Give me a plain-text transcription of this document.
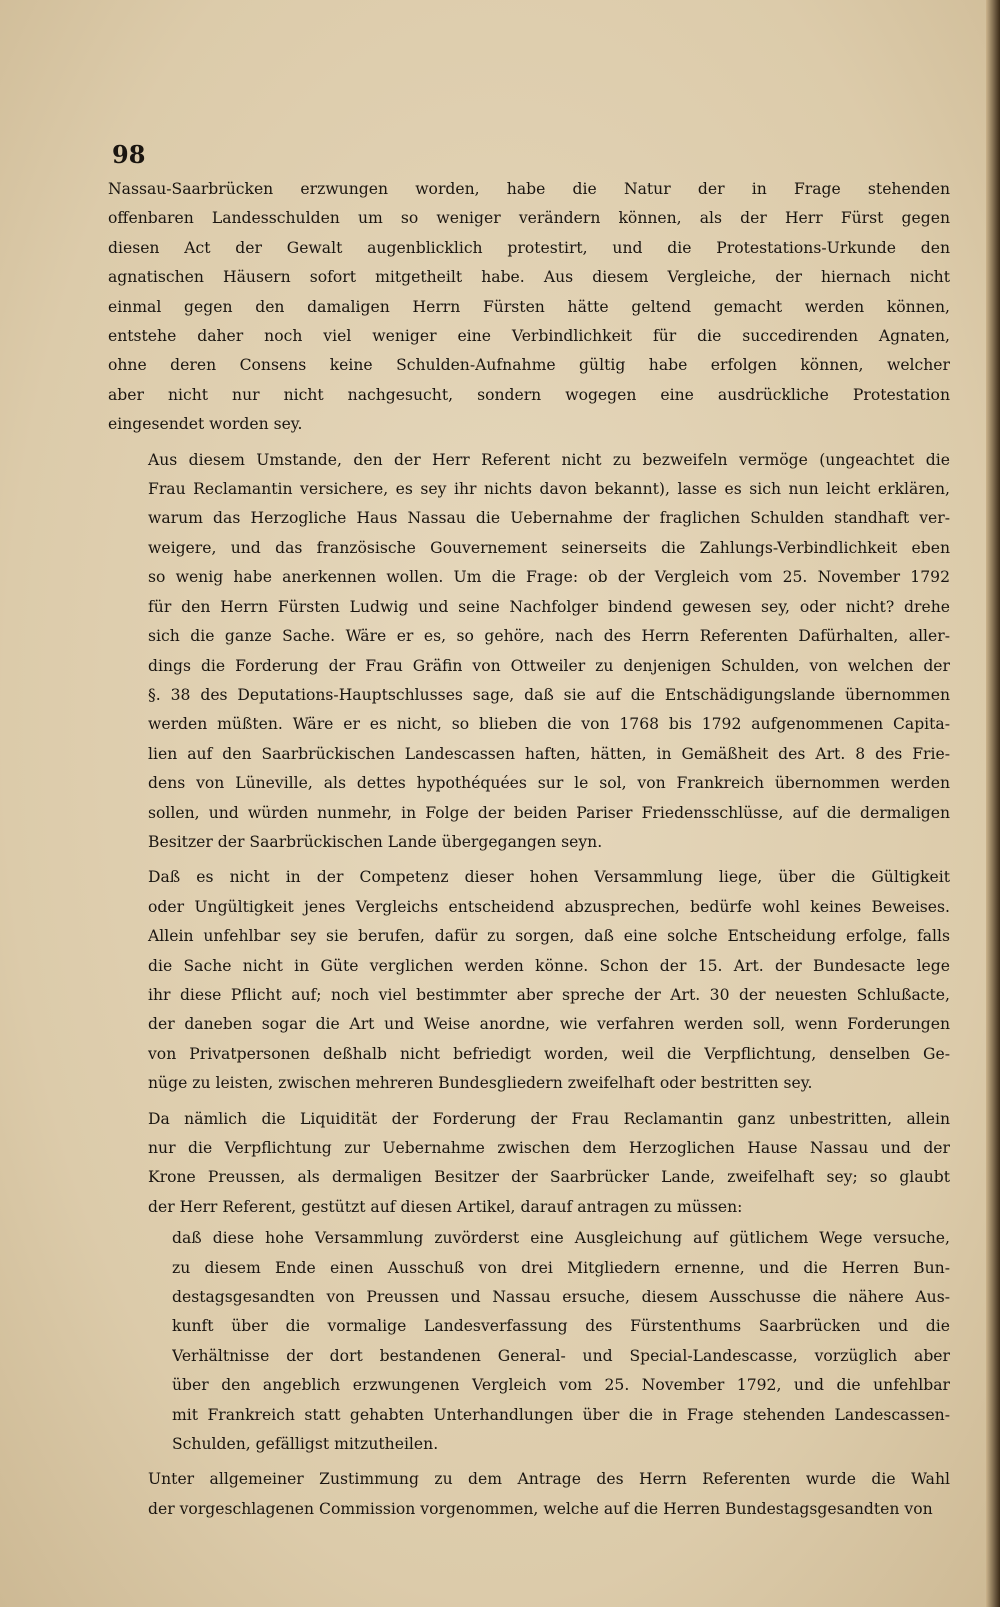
98

Nassau-Saarbrücken erzwungen worden, habe die Natur der in Frage stehenden
offenbaren Landesschulden um so weniger verändern können, als der Herr Fürst gegen
diesen Act der Gewalt augenblicklich protestirt, und die Protestations-Urkunde den
agnatischen Häusern sofort mitgetheilt habe. Aus diesem Vergleiche, der hiernach nicht
einmal gegen den damaligen Herrn Fürsten hätte geltend gemacht werden können,
entstehe daher noch viel weniger eine Verbindlichkeit für die succedirenden Agnaten,
ohne deren Consens keine Schulden-Aufnahme gültig habe erfolgen können, welcher
aber nicht nur nicht nachgesucht, sondern wogegen eine ausdrückliche Protestation
eingesendet worden sey.

Aus diesem Umstande, den der Herr Referent nicht zu bezweifeln vermöge (ungeachtet die
Frau Reclamantin versichere, es sey ihr nichts davon bekannt), lasse es sich nun leicht erklären,
warum das Herzogliche Haus Nassau die Uebernahme der fraglichen Schulden standhaft ver-
weigere, und das französische Gouvernement seinerseits die Zahlungs-Verbindlichkeit eben
so wenig habe anerkennen wollen. Um die Frage: ob der Vergleich vom 25. November 1792
für den Herrn Fürsten Ludwig und seine Nachfolger bindend gewesen sey, oder nicht? drehe
sich die ganze Sache. Wäre er es, so gehöre, nach des Herrn Referenten Dafürhalten, aller-
dings die Forderung der Frau Gräfin von Ottweiler zu denjenigen Schulden, von welchen der
§. 38 des Deputations-Hauptschlusses sage, daß sie auf die Entschädigungslande übernommen
werden müßten. Wäre er es nicht, so blieben die von 1768 bis 1792 aufgenommenen Capita-
lien auf den Saarbrückischen Landescassen haften, hätten, in Gemäßheit des Art. 8 des Frie-
dens von Lüneville, als dettes hypothéquées sur le sol, von Frankreich übernommen werden
sollen, und würden nunmehr, in Folge der beiden Pariser Friedensschlüsse, auf die dermaligen
Besitzer der Saarbrückischen Lande übergegangen seyn.

Daß es nicht in der Competenz dieser hohen Versammlung liege, über die Gültigkeit
oder Ungültigkeit jenes Vergleichs entscheidend abzusprechen, bedürfe wohl keines Beweises.
Allein unfehlbar sey sie berufen, dafür zu sorgen, daß eine solche Entscheidung erfolge, falls
die Sache nicht in Güte verglichen werden könne. Schon der 15. Art. der Bundesacte lege
ihr diese Pflicht auf; noch viel bestimmter aber spreche der Art. 30 der neuesten Schlußacte,
der daneben sogar die Art und Weise anordne, wie verfahren werden soll, wenn Forderungen
von Privatpersonen deßhalb nicht befriedigt worden, weil die Verpflichtung, denselben Ge-
nüge zu leisten, zwischen mehreren Bundesgliedern zweifelhaft oder bestritten sey.

Da nämlich die Liquidität der Forderung der Frau Reclamantin ganz unbestritten, allein
nur die Verpflichtung zur Uebernahme zwischen dem Herzoglichen Hause Nassau und der
Krone Preussen, als dermaligen Besitzer der Saarbrücker Lande, zweifelhaft sey; so glaubt
der Herr Referent, gestützt auf diesen Artikel, darauf antragen zu müssen:

daß diese hohe Versammlung zuvörderst eine Ausgleichung auf gütlichem Wege versuche,
zu diesem Ende einen Ausschuß von drei Mitgliedern ernenne, und die Herren Bun-
destagsgesandten von Preussen und Nassau ersuche, diesem Ausschusse die nähere Aus-
kunft über die vormalige Landesverfassung des Fürstenthums Saarbrücken und die
Verhältnisse der dort bestandenen General- und Special-Landescasse, vorzüglich aber
über den angeblich erzwungenen Vergleich vom 25. November 1792, und die unfehlbar
mit Frankreich statt gehabten Unterhandlungen über die in Frage stehenden Landescassen-
Schulden, gefälligst mitzutheilen.

Unter allgemeiner Zustimmung zu dem Antrage des Herrn Referenten wurde die Wahl
der vorgeschlagenen Commission vorgenommen, welche auf die Herren Bundestagsgesandten von
